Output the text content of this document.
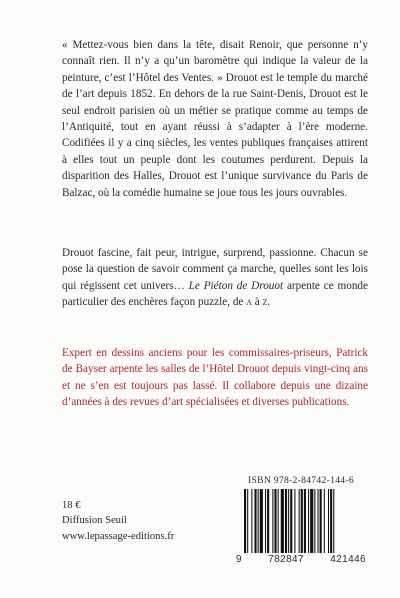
« Mettez-vous bien dans la tête, disait Renoir, que personne n’y connaît rien. Il n’y a qu’un baromètre qui indique la valeur de la peinture, c’est l’Hôtel des Ventes. » Drouot est le temple du marché de l’art depuis 1852. En dehors de la rue Saint-Denis, Drouot est le seul endroit parisien où un métier se pratique comme au temps de l’Antiquité, tout en ayant réussi à s’adapter à l’ère moderne. Codifiées il y a cinq siècles, les ventes publiques françaises attirent à elles tout un peuple dont les coutumes perdurent. Depuis la disparition des Halles, Drouot est l’unique survivance du Paris de Balzac, où la comédie humaine se joue tous les jours ouvrables.

Drouot fascine, fait peur, intrigue, surprend, passionne. Chacun se pose la question de savoir comment ça marche, quelles sont les lois qui régissent cet univers… Le Piéton de Drouot arpente ce monde particulier des enchères façon puzzle, de a à z.

Expert en dessins anciens pour les commissaires-priseurs, Patrick de Bayser arpente les salles de l’Hôtel Drouot depuis vingt-cinq ans et ne s’en est toujours pas lassé. Il collabore depuis une dizaine d’années à des revues d’art spécialisées et diverses publications.

ISBN 978-2-84742-144-6
9	782847	421446
18 €
Diffusion Seuil
www.lepassage-editions.fr
